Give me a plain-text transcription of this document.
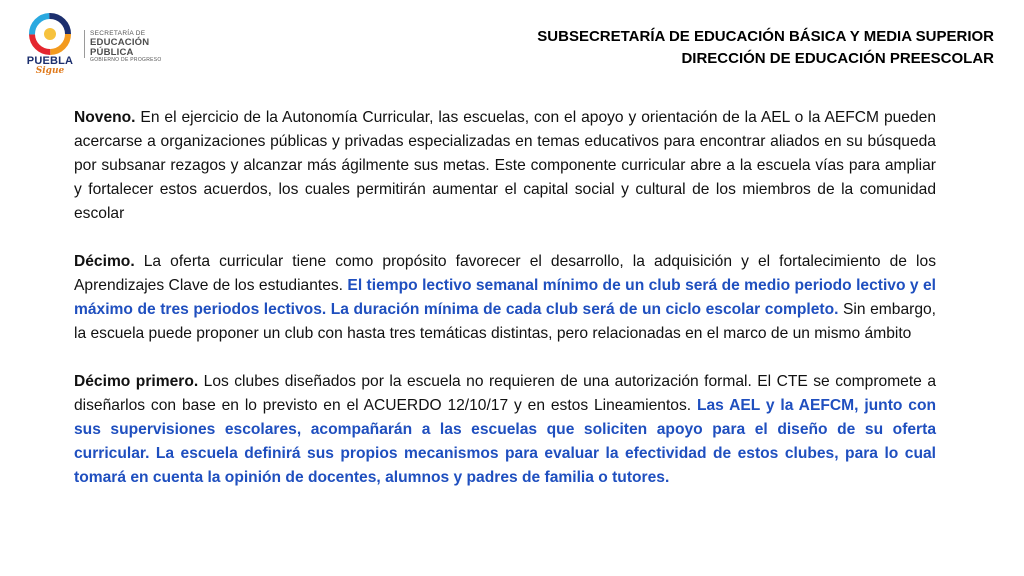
PUEBLA
Sigue
SECRETARÍA DE
EDUCACIÓN PÚBLICA
GOBIERNO DE PROGRESO
SUBSECRETARÍA DE EDUCACIÓN BÁSICA Y MEDIA SUPERIOR
DIRECCIÓN DE EDUCACIÓN PREESCOLAR

Noveno. En el ejercicio de la Autonomía Curricular, las escuelas, con el apoyo y orientación de la AEL o la AEFCM pueden acercarse a organizaciones públicas y privadas especializadas en temas educativos para encontrar aliados en su búsqueda por subsanar rezagos y alcanzar más ágilmente sus metas. Este componente curricular abre a la escuela vías para ampliar y fortalecer estos acuerdos, los cuales permitirán aumentar el capital social y cultural de los miembros de la comunidad escolar

Décimo. La oferta curricular tiene como propósito favorecer el desarrollo, la adquisición y el fortalecimiento de los Aprendizajes Clave de los estudiantes. El tiempo lectivo semanal mínimo de un club será de medio periodo lectivo y el máximo de tres periodos lectivos. La duración mínima de cada club será de un ciclo escolar completo. Sin embargo, la escuela puede proponer un club con hasta tres temáticas distintas, pero relacionadas en el marco de un mismo ámbito

Décimo primero. Los clubes diseñados por la escuela no requieren de una autorización formal. El CTE se compromete a diseñarlos con base en lo previsto en el ACUERDO 12/10/17 y en estos Lineamientos. Las AEL y la AEFCM, junto con sus supervisiones escolares, acompañarán a las escuelas que soliciten apoyo para el diseño de su oferta curricular. La escuela definirá sus propios mecanismos para evaluar la efectividad de estos clubes, para lo cual tomará en cuenta la opinión de docentes, alumnos y padres de familia o tutores.
